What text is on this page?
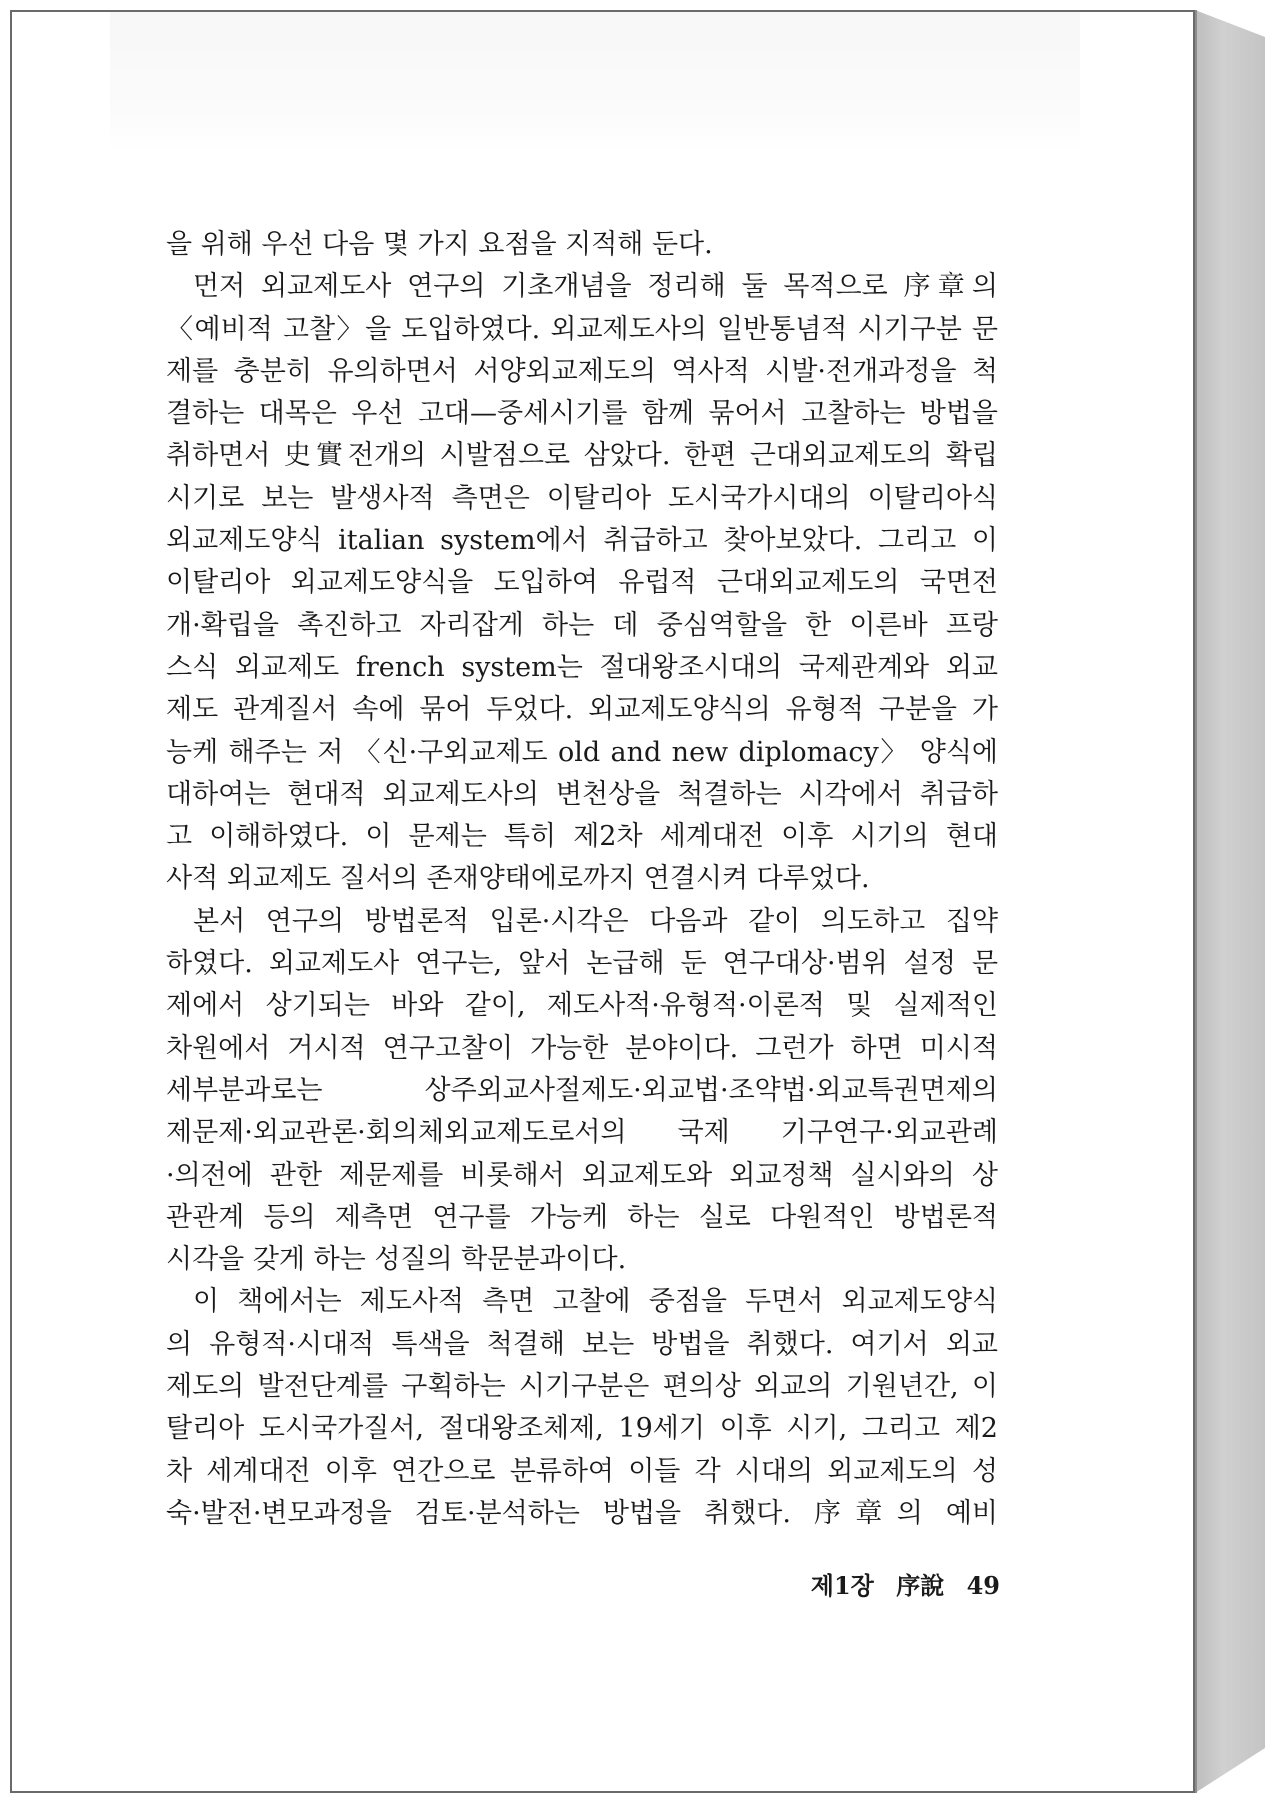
을 위해 우선 다음 몇 가지 요점을 지적해 둔다.
먼저 외교제도사 연구의 기초개념을 정리해 둘 목적으로 序章의
〈예비적 고찰〉을 도입하였다. 외교제도사의 일반통념적 시기구분 문
제를 충분히 유의하면서 서양외교제도의 역사적 시발·전개과정을 척
결하는 대목은 우선 고대—중세시기를 함께 묶어서 고찰하는 방법을
취하면서 史實전개의 시발점으로 삼았다. 한편 근대외교제도의 확립
시기로 보는 발생사적 측면은 이탈리아 도시국가시대의 이탈리아식
외교제도양식 italian system에서 취급하고 찾아보았다. 그리고 이
이탈리아 외교제도양식을 도입하여 유럽적 근대외교제도의 국면전
개·확립을 촉진하고 자리잡게 하는 데 중심역할을 한 이른바 프랑
스식 외교제도 french system는 절대왕조시대의 국제관계와 외교
제도 관계질서 속에 묶어 두었다. 외교제도양식의 유형적 구분을 가
능케 해주는 저 〈신·구외교제도 old and new diplomacy〉 양식에
대하여는 현대적 외교제도사의 변천상을 척결하는 시각에서 취급하
고 이해하였다. 이 문제는 특히 제2차 세계대전 이후 시기의 현대
사적 외교제도 질서의 존재양태에로까지 연결시켜 다루었다.
본서 연구의 방법론적 입론·시각은 다음과 같이 의도하고 집약
하였다. 외교제도사 연구는, 앞서 논급해 둔 연구대상·범위 설정 문
제에서 상기되는 바와 같이, 제도사적·유형적·이론적 및 실제적인
차원에서 거시적 연구고찰이 가능한 분야이다. 그런가 하면 미시적
세부분과로는 상주외교사절제도·외교법·조약법·외교특권면제의
제문제·외교관론·회의체외교제도로서의 국제 기구연구·외교관례
·의전에 관한 제문제를 비롯해서 외교제도와 외교정책 실시와의 상
관관계 등의 제측면 연구를 가능케 하는 실로 다원적인 방법론적
시각을 갖게 하는 성질의 학문분과이다.
이 책에서는 제도사적 측면 고찰에 중점을 두면서 외교제도양식
의 유형적·시대적 특색을 척결해 보는 방법을 취했다. 여기서 외교
제도의 발전단계를 구획하는 시기구분은 편의상 외교의 기원년간, 이
탈리아 도시국가질서, 절대왕조체제, 19세기 이후 시기, 그리고 제2
차 세계대전 이후 연간으로 분류하여 이들 각 시대의 외교제도의 성
숙·발전·변모과정을 검토·분석하는 방법을 취했다. 序章의 예비
제1장 序說 49
